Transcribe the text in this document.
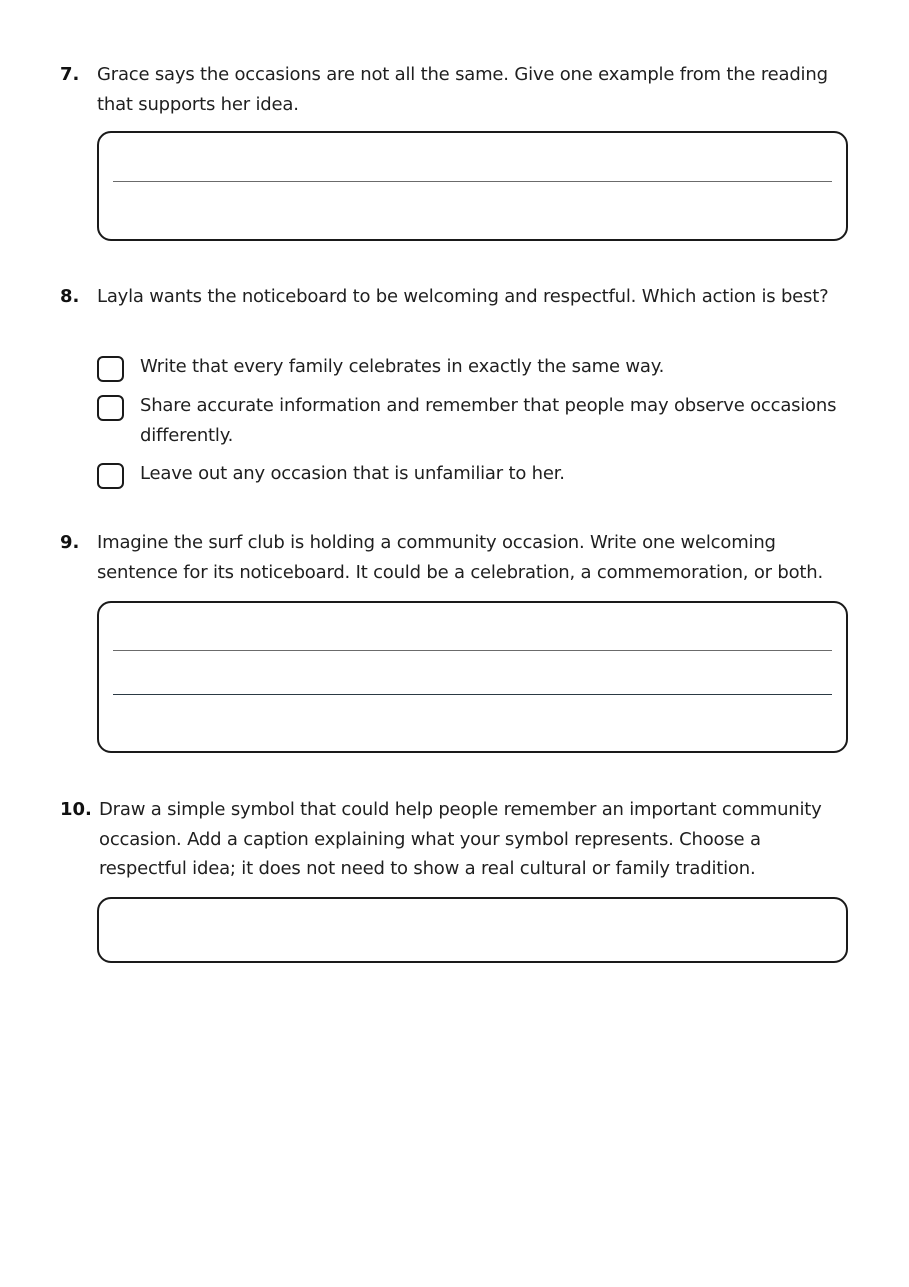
7. Grace says the occasions are not all the same. Give one example from the reading that supports her idea.
8. Layla wants the noticeboard to be welcoming and respectful. Which action is best?
Write that every family celebrates in exactly the same way.
Share accurate information and remember that people may observe occasions differently.
Leave out any occasion that is unfamiliar to her.
9. Imagine the surf club is holding a community occasion. Write one welcoming sentence for its noticeboard. It could be a celebration, a commemoration, or both.
10. Draw a simple symbol that could help people remember an important community occasion. Add a caption explaining what your symbol represents. Choose a respectful idea; it does not need to show a real cultural or family tradition.
